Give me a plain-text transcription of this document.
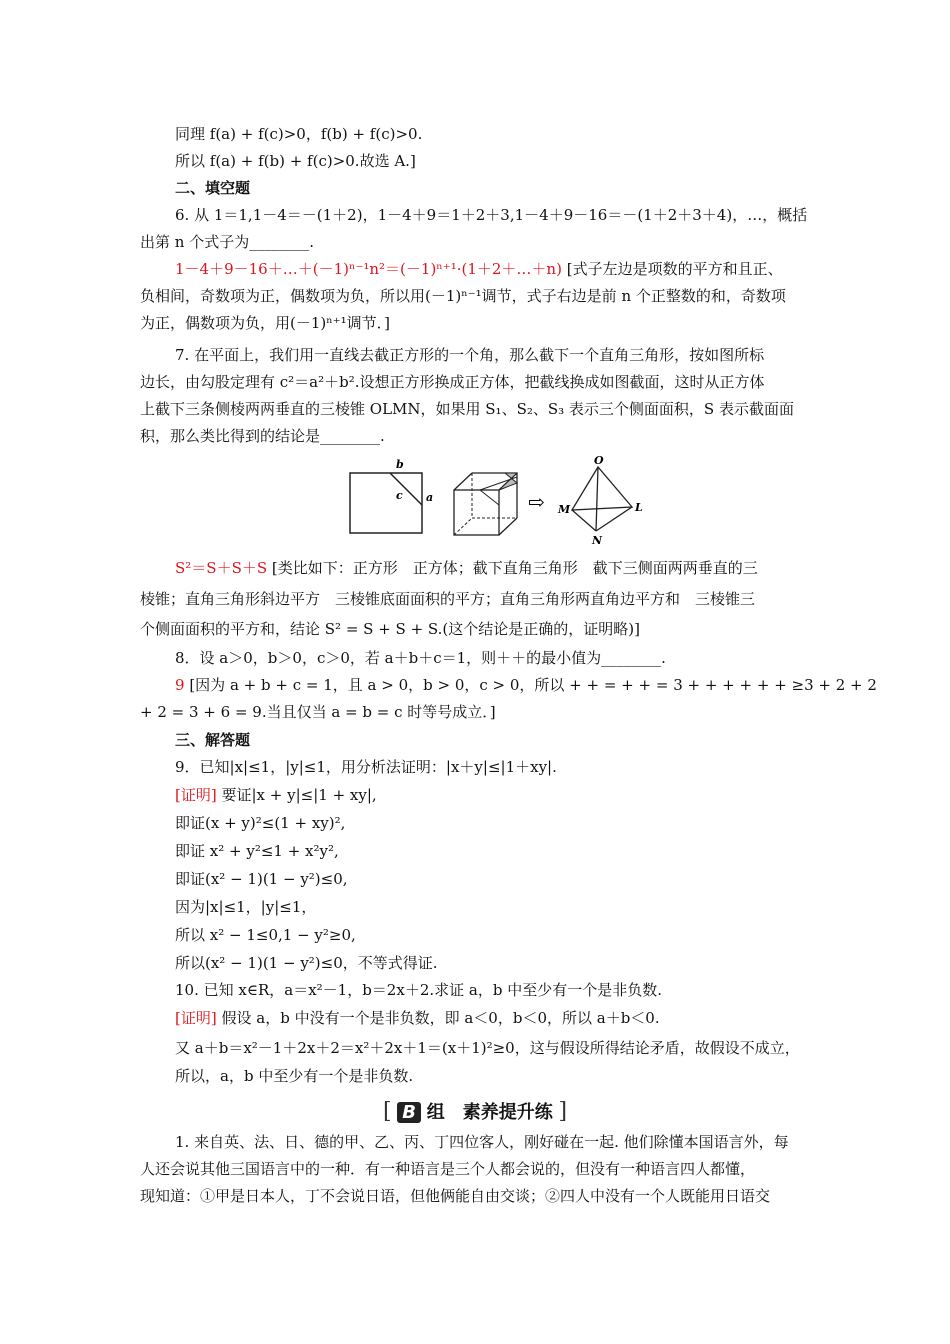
同理 f(a) + f(c)>0，f(b) + f(c)>0.
所以 f(a) + f(b) + f(c)>0.故选 A.]
二、填空题
6. 从 1＝1,1－4＝－(1＋2)，1－4＋9＝1＋2＋3,1－4＋9－16＝－(1＋2＋3＋4)，…，概括
出第 n 个式子为________.
1－4＋9－16＋…＋(－1)ⁿ⁻¹n²＝(－1)ⁿ⁺¹·(1＋2＋…＋n) [式子左边是项数的平方和且正、
负相间，奇数项为正，偶数项为负，所以用(－1)ⁿ⁻¹调节，式子右边是前 n 个正整数的和，奇数项
为正，偶数项为负，用(－1)ⁿ⁺¹调节．]
7. 在平面上，我们用一直线去截正方形的一个角，那么截下一个直角三角形，按如图所标
边长，由勾股定理有 c²＝a²＋b².设想正方形换成正方体，把截线换成如图截面，这时从正方体
上截下三条侧棱两两垂直的三棱锥 OLMN，如果用 S₁、S₂、S₃ 表示三个侧面面积，S 表示截面面
积，那么类比得到的结论是________.
b
c a	⇨
O
M	L
N
S²＝S＋S＋S [类比如下：正方形　正方体；截下直角三角形　截下三侧面两两垂直的三
棱锥；直角三角形斜边平方　三棱锥底面面积的平方；直角三角形两直角边平方和　三棱锥三
个侧面面积的平方和，结论 S² = S + S + S.(这个结论是正确的，证明略)]
8．设 a＞0，b＞0，c＞0，若 a＋b＋c＝1，则＋＋的最小值为________.
9 [因为 a + b + c = 1，且 a > 0，b > 0，c > 0，所以 + + = + + = 3 + + + + + + ≥3 + 2 + 2
+ 2 = 3 + 6 = 9.当且仅当 a = b = c 时等号成立．]
三、解答题
9．已知|x|≤1，|y|≤1，用分析法证明：|x＋y|≤|1＋xy|.
[证明] 要证|x + y|≤|1 + xy|,
即证(x + y)²≤(1 + xy)²,
即证 x² + y²≤1 + x²y²,
即证(x² − 1)(1 − y²)≤0,
因为|x|≤1，|y|≤1，
所以 x² − 1≤0,1 − y²≥0,
所以(x² − 1)(1 − y²)≤0，不等式得证.
10. 已知 x∈R，a＝x²－1，b＝2x＋2.求证 a，b 中至少有一个是非负数.
[证明] 假设 a，b 中没有一个是非负数，即 a＜0，b＜0，所以 a＋b＜0.
又 a＋b＝x²－1＋2x＋2＝x²＋2x＋1＝(x＋1)²≥0，这与假设所得结论矛盾，故假设不成立，
所以，a，b 中至少有一个是非负数.
[ B 组　素养提升练 ]
1. 来自英、法、日、德的甲、乙、丙、丁四位客人，刚好碰在一起. 他们除懂本国语言外，每
人还会说其他三国语言中的一种．有一种语言是三个人都会说的，但没有一种语言四人都懂，
现知道：①甲是日本人，丁不会说日语，但他俩能自由交谈；②四人中没有一个人既能用日语交
